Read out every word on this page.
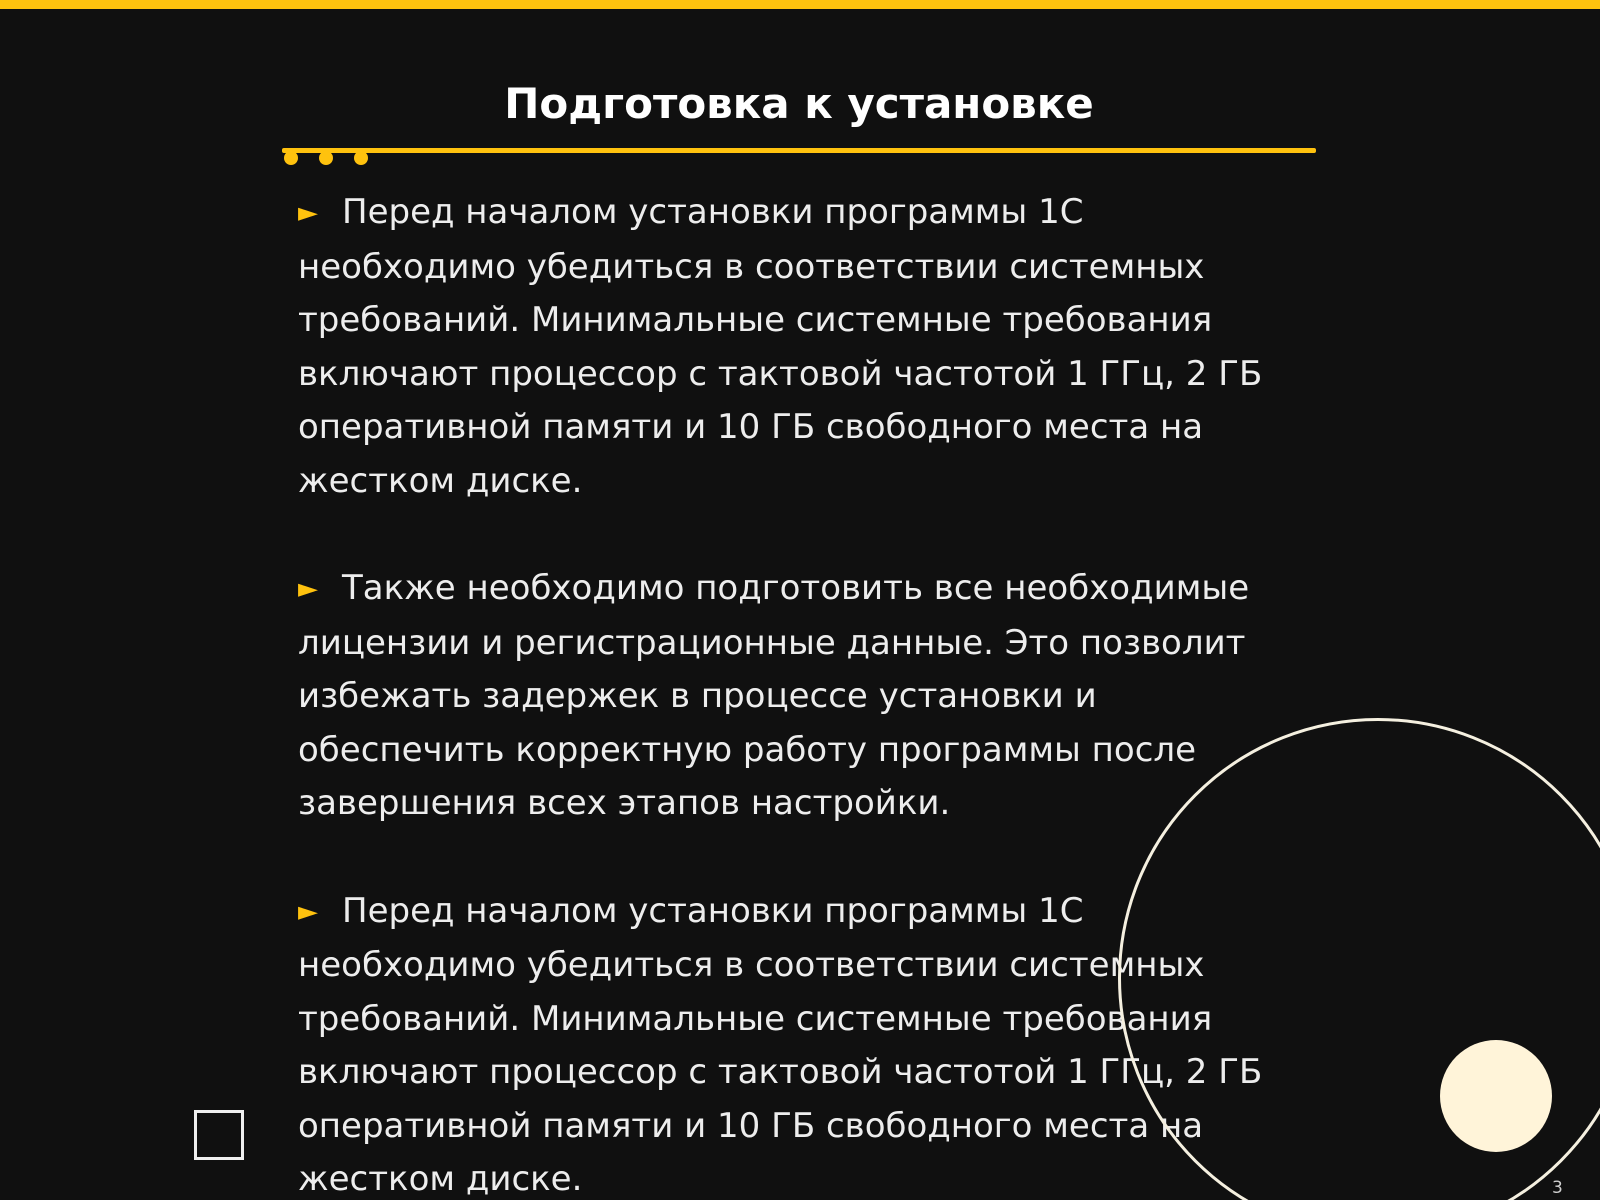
Подготовка к установке

► Перед началом установки программы 1С необходимо убедиться в соответствии системных требований. Минимальные системные требования включают процессор с тактовой частотой 1 ГГц, 2 ГБ оперативной памяти и 10 ГБ свободного места на жестком диске.

► Также необходимо подготовить все необходимые лицензии и регистрационные данные. Это позволит избежать задержек в процессе установки и обеспечить корректную работу программы после завершения всех этапов настройки.

► Перед началом установки программы 1С необходимо убедиться в соответствии системных требований. Минимальные системные требования включают процессор с тактовой частотой 1 ГГц, 2 ГБ оперативной памяти и 10 ГБ свободного места на жестком диске.	3
